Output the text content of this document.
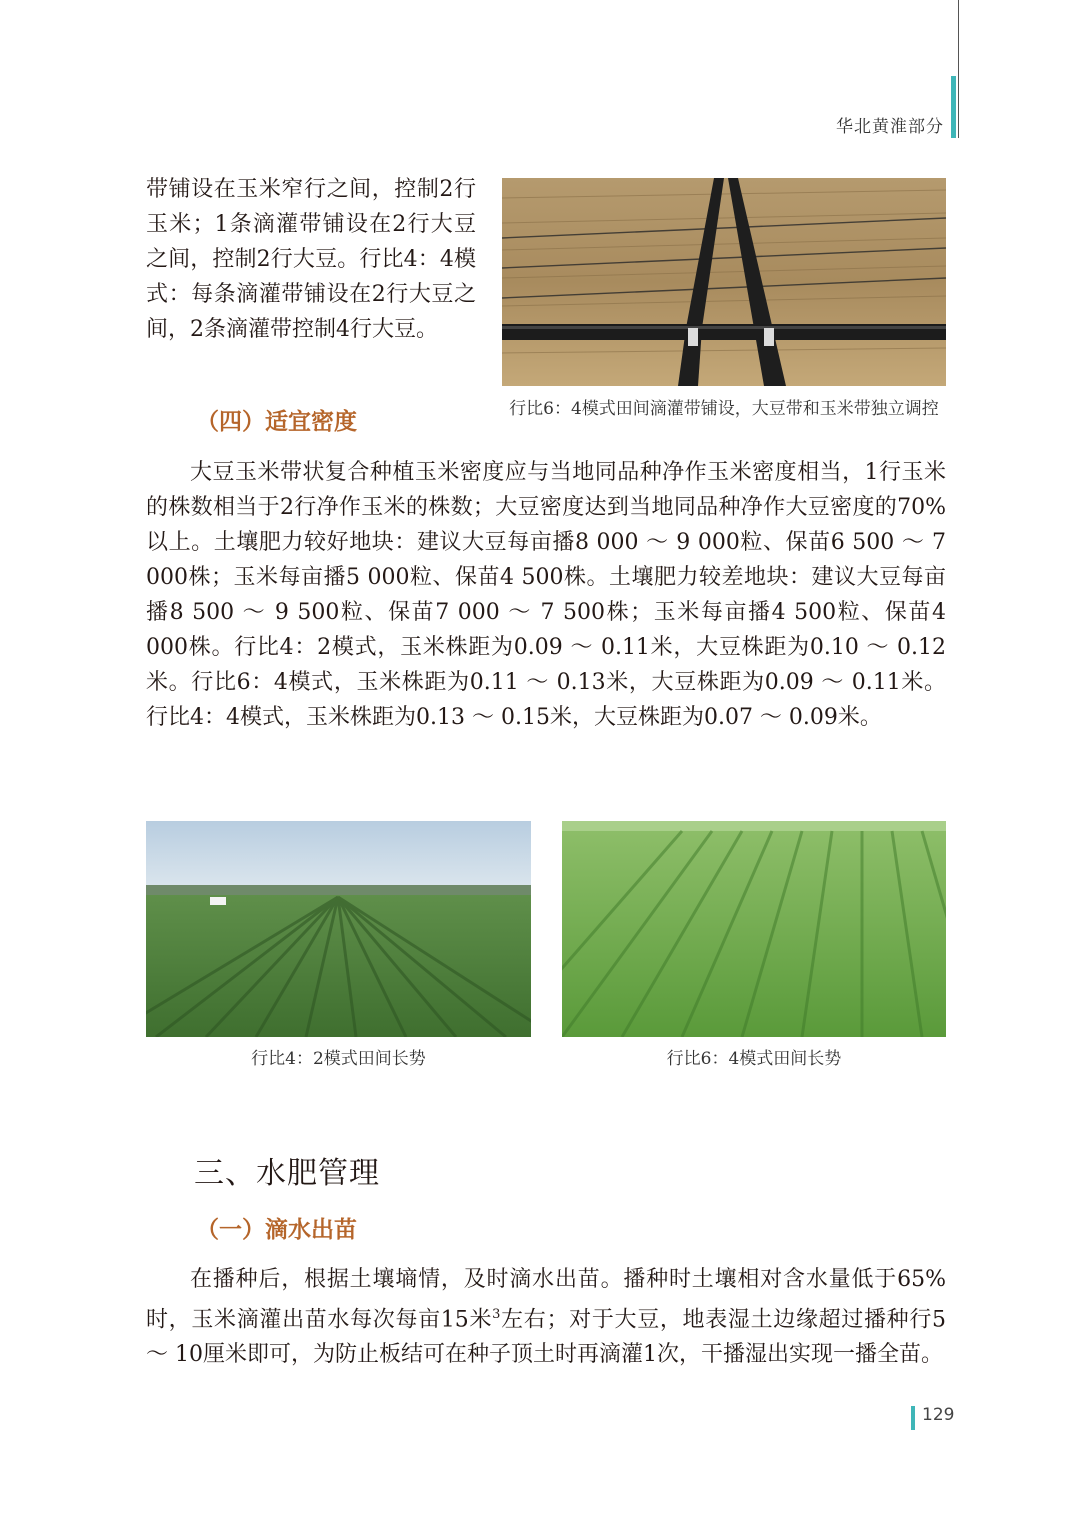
华北黄淮部分

带铺设在玉米窄行之间，控制2行玉米；1条滴灌带铺设在2行大豆之间，控制2行大豆。行比4：4模式：每条滴灌带铺设在2行大豆之间，2条滴灌带控制4行大豆。

行比6：4模式田间滴灌带铺设，大豆带和玉米带独立调控
（四）适宜密度

大豆玉米带状复合种植玉米密度应与当地同品种净作玉米密度相当，1行玉米的株数相当于2行净作玉米的株数；大豆密度达到当地同品种净作大豆密度的70%以上。土壤肥力较好地块：建议大豆每亩播8 000 ～ 9 000粒、保苗6 500 ～ 7 000株；玉米每亩播5 000粒、保苗4 500株。土壤肥力较差地块：建议大豆每亩播8 500 ～ 9 500粒、保苗7 000 ～ 7 500株；玉米每亩播4 500粒、保苗4 000株。行比4：2模式，玉米株距为0.09 ～ 0.11米，大豆株距为0.10 ～ 0.12米。行比6：4模式，玉米株距为0.11 ～ 0.13米，大豆株距为0.09 ～ 0.11米。行比4：4模式，玉米株距为0.13 ～ 0.15米，大豆株距为0.07 ～ 0.09米。

行比4：2模式田间长势	行比6：4模式田间长势
三、水肥管理
（一）滴水出苗

在播种后，根据土壤墒情，及时滴水出苗。播种时土壤相对含水量低于65%时，玉米滴灌出苗水每次每亩15米$^3$左右；对于大豆，地表湿土边缘超过播种行5 ～ 10厘米即可，为防止板结可在种子顶土时再滴灌1次，干播湿出实现一播全苗。

129
